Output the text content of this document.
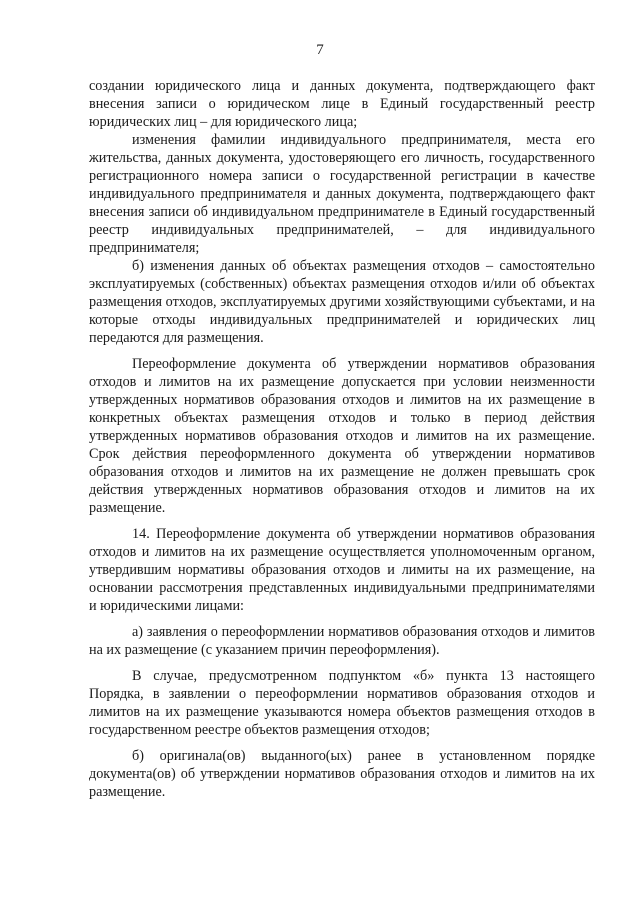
7

создании юридического лица и данных документа, подтверждающего факт внесения записи о юридическом лице в Единый государственный реестр юридических лиц – для юридического лица;

изменения фамилии индивидуального предпринимателя, места его жительства, данных документа, удостоверяющего его личность, государственного регистрационного номера записи о государственной регистрации в качестве индивидуального предпринимателя и данных документа, подтверждающего факт внесения записи об индивидуальном предпринимателе в Единый государственный реестр индивидуальных предпринимателей, – для индивидуального предпринимателя;

б) изменения данных об объектах размещения отходов – самостоятельно эксплуатируемых (собственных) объектах размещения отходов и/или об объектах размещения отходов, эксплуатируемых другими хозяйствующими субъектами, и на которые отходы индивидуальных предпринимателей и юридических лиц передаются для размещения.

Переоформление документа об утверждении нормативов образования отходов и лимитов на их размещение допускается при условии неизменности утвержденных нормативов образования отходов и лимитов на их размещение в конкретных объектах размещения отходов и только в период действия утвержденных нормативов образования отходов и лимитов на их размещение. Срок действия переоформленного документа об утверждении нормативов образования отходов и лимитов на их размещение не должен превышать срок действия утвержденных нормативов образования отходов и лимитов на их размещение.

14. Переоформление документа об утверждении нормативов образования отходов и лимитов на их размещение осуществляется уполномоченным органом, утвердившим нормативы образования отходов и лимиты на их размещение, на основании рассмотрения представленных индивидуальными предпринимателями и юридическими лицами:

а) заявления о переоформлении нормативов образования отходов и лимитов на их размещение (с указанием причин переоформления).

В случае, предусмотренном подпунктом «б» пункта 13 настоящего Порядка, в заявлении о переоформлении нормативов образования отходов и лимитов на их размещение указываются номера объектов размещения отходов в государственном реестре объектов размещения отходов;

б) оригинала(ов) выданного(ых) ранее в установленном порядке документа(ов) об утверждении нормативов образования отходов и лимитов на их размещение.
